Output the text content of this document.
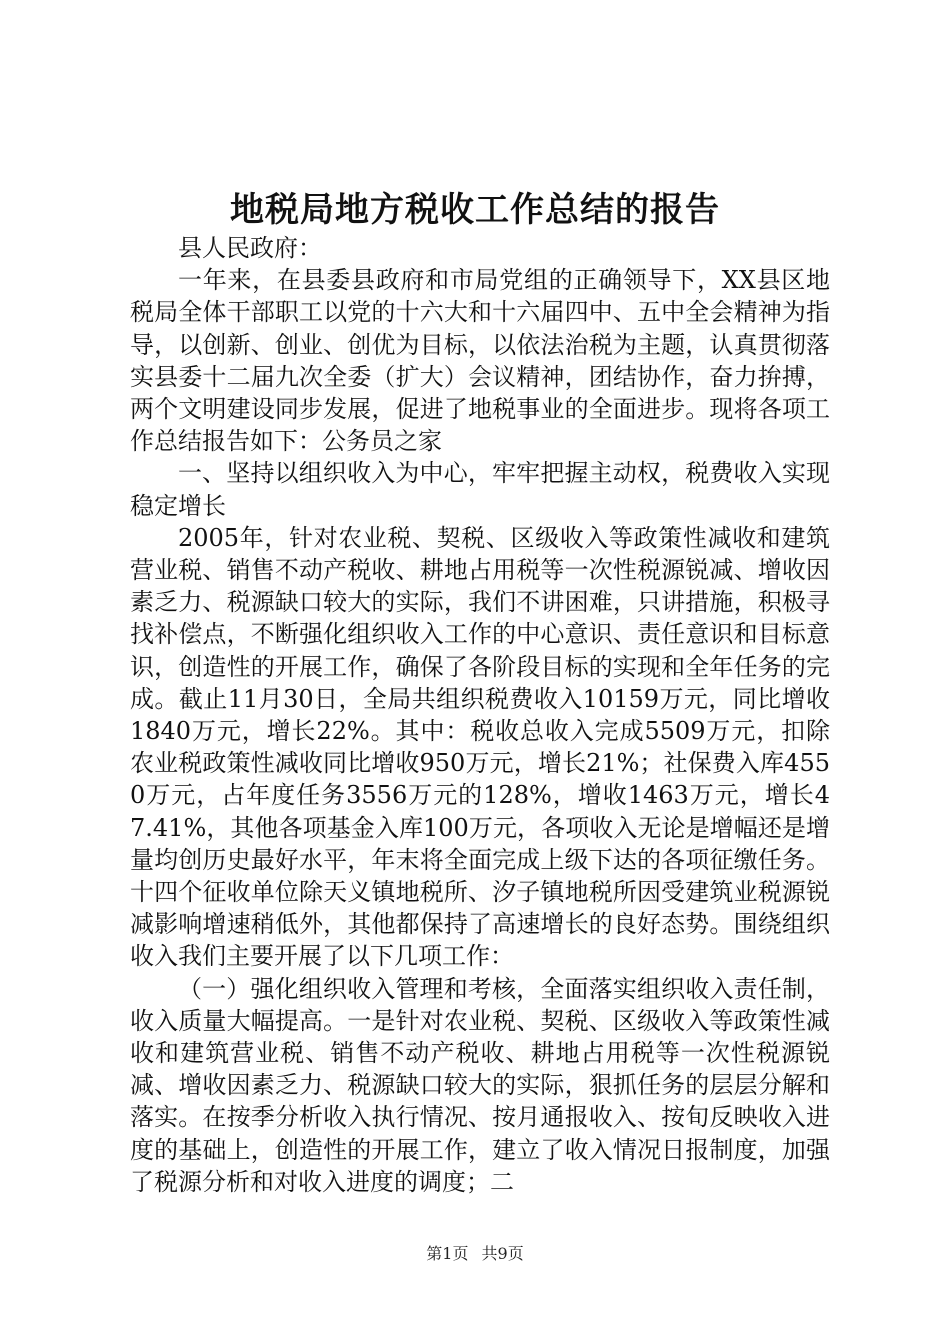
地税局地方税收工作总结的报告

县人民政府：

一年来，在县委县政府和市局党组的正确领导下，XX县区地税局全体干部职工以党的十六大和十六届四中、五中全会精神为指导，以创新、创业、创优为目标，以依法治税为主题，认真贯彻落实县委十二届九次全委（扩大）会议精神，团结协作，奋力拚搏，两个文明建设同步发展，促进了地税事业的全面进步。现将各项工作总结报告如下：公务员之家

一、坚持以组织收入为中心，牢牢把握主动权，税费收入实现稳定增长

2005年，针对农业税、契税、区级收入等政策性减收和建筑营业税、销售不动产税收、耕地占用税等一次性税源锐减、增收因素乏力、税源缺口较大的实际，我们不讲困难，只讲措施，积极寻找补偿点，不断强化组织收入工作的中心意识、责任意识和目标意识，创造性的开展工作，确保了各阶段目标的实现和全年任务的完成。截止11月30日，全局共组织税费收入10159万元，同比增收1840万元，增长22%。其中：税收总收入完成5509万元，扣除农业税政策性减收同比增收950万元，增长21%；社保费入库4550万元，占年度任务3556万元的128%，增收1463万元，增长47.41%，其他各项基金入库100万元，各项收入无论是增幅还是增量均创历史最好水平，年末将全面完成上级下达的各项征缴任务。十四个征收单位除天义镇地税所、汐子镇地税所因受建筑业税源锐减影响增速稍低外，其他都保持了高速增长的良好态势。围绕组织收入我们主要开展了以下几项工作：

（一）强化组织收入管理和考核，全面落实组织收入责任制，收入质量大幅提高。一是针对农业税、契税、区级收入等政策性减收和建筑营业税、销售不动产税收、耕地占用税等一次性税源锐减、增收因素乏力、税源缺口较大的实际，狠抓任务的层层分解和落实。在按季分析收入执行情况、按月通报收入、按旬反映收入进度的基础上，创造性的开展工作，建立了收入情况日报制度，加强了税源分析和对收入进度的调度；二

第1页 共9页
